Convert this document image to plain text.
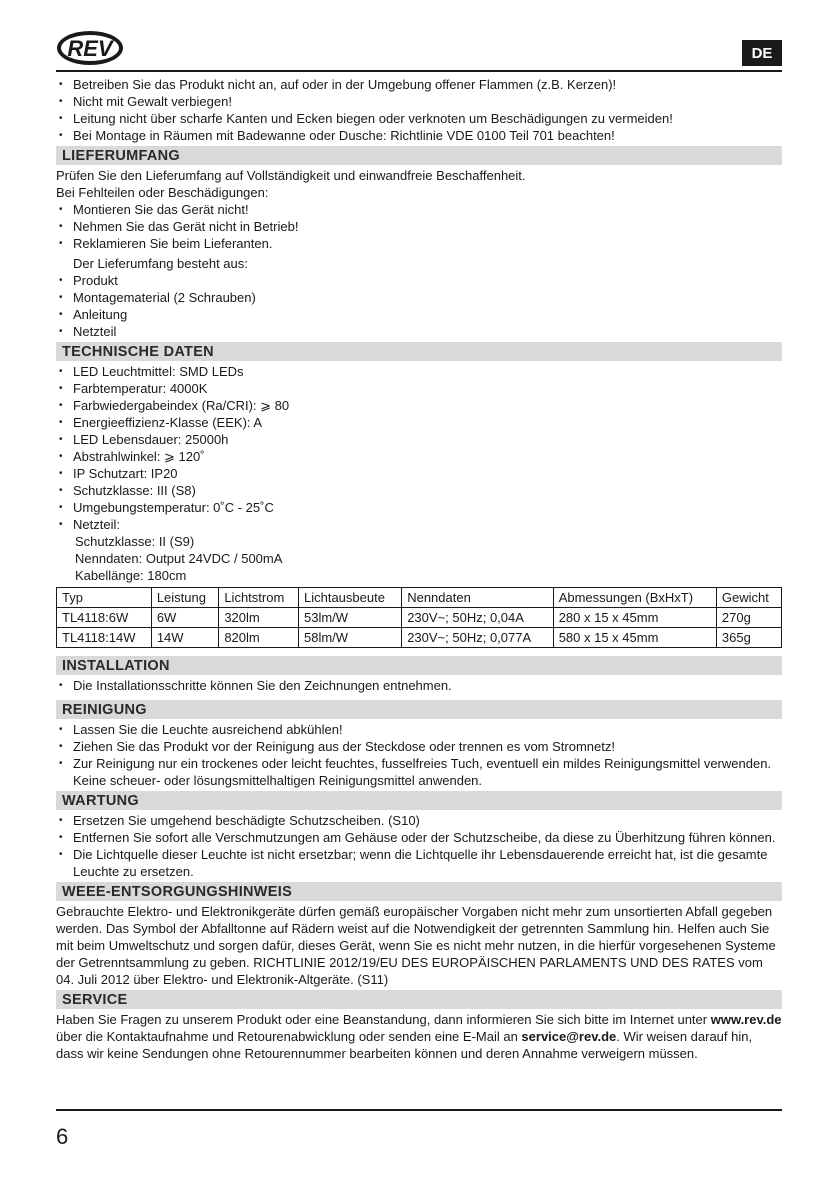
REV	DE
• Betreiben Sie das Produkt nicht an, auf oder in der Umgebung offener Flammen (z.B. Kerzen)!
• Nicht mit Gewalt verbiegen!
• Leitung nicht über scharfe Kanten und Ecken biegen oder verknoten um Beschädigungen zu vermeiden!
• Bei Montage in Räumen mit Badewanne oder Dusche: Richtlinie VDE 0100 Teil 701 beachten!
LIEFERUMFANG

Prüfen Sie den Lieferumfang auf Vollständigkeit und einwandfreie Beschaffenheit.

Bei Fehlteilen oder Beschädigungen:

• Montieren Sie das Gerät nicht!
• Nehmen Sie das Gerät nicht in Betrieb!
• Reklamieren Sie beim Lieferanten.

Der Lieferumfang besteht aus:

• Produkt
• Montagematerial (2 Schrauben)
• Anleitung
• Netzteil
TECHNISCHE DATEN
• LED Leuchtmittel: SMD LEDs
• Farbtemperatur: 4000K
• Farbwiedergabeindex (Ra/CRI): ⩾ 80
• Energieeffizienz-Klasse (EEK): A
• LED Lebensdauer: 25000h
• Abstrahlwinkel: ⩾ 120˚
• IP Schutzart: IP20
• Schutzklasse: III (S8)
• Umgebungstemperatur: 0˚C - 25˚C
• Netzteil:

Schutzklasse: II (S9)

Nenndaten: Output 24VDC / 500mA

Kabellänge: 180cm

Typ	Leistung	Lichtstrom	Lichtausbeute	Nenndaten	Abmessungen (BxHxT)	Gewicht
TL4118:6W	6W	320lm	53lm/W	230V~; 50Hz; 0,04A	280 x 15 x 45mm	270g
TL4118:14W	14W	820lm	58lm/W	230V~; 50Hz; 0,077A	580 x 15 x 45mm	365g
INSTALLATION
• Die Installationsschritte können Sie den Zeichnungen entnehmen.
REINIGUNG
• Lassen Sie die Leuchte ausreichend abkühlen!
• Ziehen Sie das Produkt vor der Reinigung aus der Steckdose oder trennen es vom Stromnetz!
• Zur Reinigung nur ein trockenes oder leicht feuchtes, fusselfreies Tuch, eventuell ein mildes Reinigungsmittel verwenden. Keine scheuer- oder lösungsmittelhaltigen Reinigungsmittel anwenden.
WARTUNG
• Ersetzen Sie umgehend beschädigte Schutzscheiben. (S10)
• Entfernen Sie sofort alle Verschmutzungen am Gehäuse oder der Schutzscheibe, da diese zu Überhitzung führen können.
• Die Lichtquelle dieser Leuchte ist nicht ersetzbar; wenn die Lichtquelle ihr Lebensdauerende erreicht hat, ist die gesamte Leuchte zu ersetzen.
WEEE-ENTSORGUNGSHINWEIS

Gebrauchte Elektro- und Elektronikgeräte dürfen gemäß europäischer Vorgaben nicht mehr zum unsortierten Abfall gegeben werden. Das Symbol der Abfalltonne auf Rädern weist auf die Notwendigkeit der getrennten Sammlung hin. Helfen auch Sie mit beim Umweltschutz und sorgen dafür, dieses Gerät, wenn Sie es nicht mehr nutzen, in die hierfür vorgesehenen Systeme der Getrenntsammlung zu geben. RICHTLINIE 2012/19/EU DES EUROPÄISCHEN PARLAMENTS UND DES RATES vom 04. Juli 2012 über Elektro- und Elektronik-Altgeräte. (S11)

SERVICE

Haben Sie Fragen zu unserem Produkt oder eine Beanstandung, dann informieren Sie sich bitte im Internet unter www.rev.de über die Kontaktaufnahme und Retourenabwicklung oder senden eine E-Mail an service@rev.de. Wir weisen darauf hin, dass wir keine Sendungen ohne Retourennummer bearbeiten können und deren Annahme verweigern müssen.

6
